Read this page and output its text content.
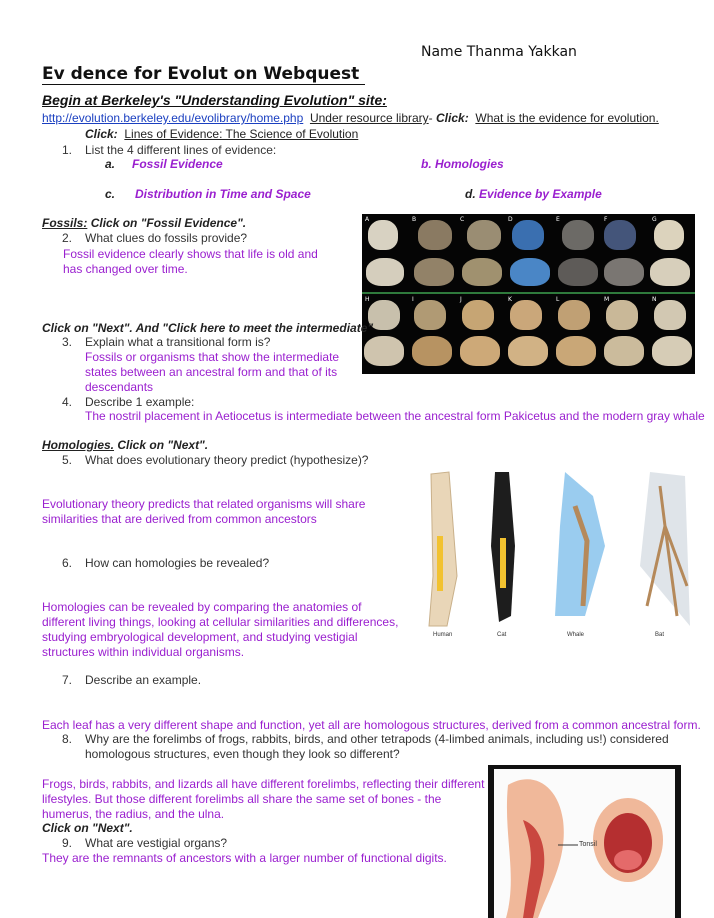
Name Thanma Yakkan
Ev dence for Evolut on Webquest
Begin at Berkeley's "Understanding Evolution" site:
http://evolution.berkeley.edu/evolibrary/home.php Under resource library- Click: What is the evidence for evolution.
Click: Lines of Evidence: The Science of Evolution
1. List the 4 different lines of evidence:
a. Fossil Evidence	b. Homologies
c. Distribution in Time and Space	d. Evidence by Example
Fossils: Click on "Fossil Evidence".
2. What clues do fossils provide?
Fossil evidence clearly shows that life is old and has changed over time.
A	B	C	D	E	F	G
H	I	J	K	L	M	N
Click on "Next". And "Click here to meet the intermediate"
3. Explain what a transitional form is?
Fossils or organisms that show the intermediate states between an ancestral form and that of its descendants
4. Describe 1 example:
The nostril placement in Aetiocetus is intermediate between the ancestral form Pakicetus and the modern gray whale
Homologies. Click on "Next".
5. What does evolutionary theory predict (hypothesize)?
Evolutionary theory predicts that related organisms will share similarities that are derived from common ancestors
6. How can homologies be revealed?
Homologies can be revealed by comparing the anatomies of different living things, looking at cellular similarities and differences, studying embryological development, and studying vestigial structures within individual organisms.
Human	Cat	Whale	Bat
7. Describe an example.
Each leaf has a very different shape and function, yet all are homologous structures, derived from a common ancestral form.
8. Why are the forelimbs of frogs, rabbits, birds, and other tetrapods (4-limbed animals, including us!) considered homologous structures, even though they look so different?
Frogs, birds, rabbits, and lizards all have different forelimbs, reflecting their different lifestyles. But those different forelimbs all share the same set of bones - the humerus, the radius, and the ulna.
Click on "Next".
9. What are vestigial organs?
They are the remnants of ancestors with a larger number of functional digits.
Tonsil
